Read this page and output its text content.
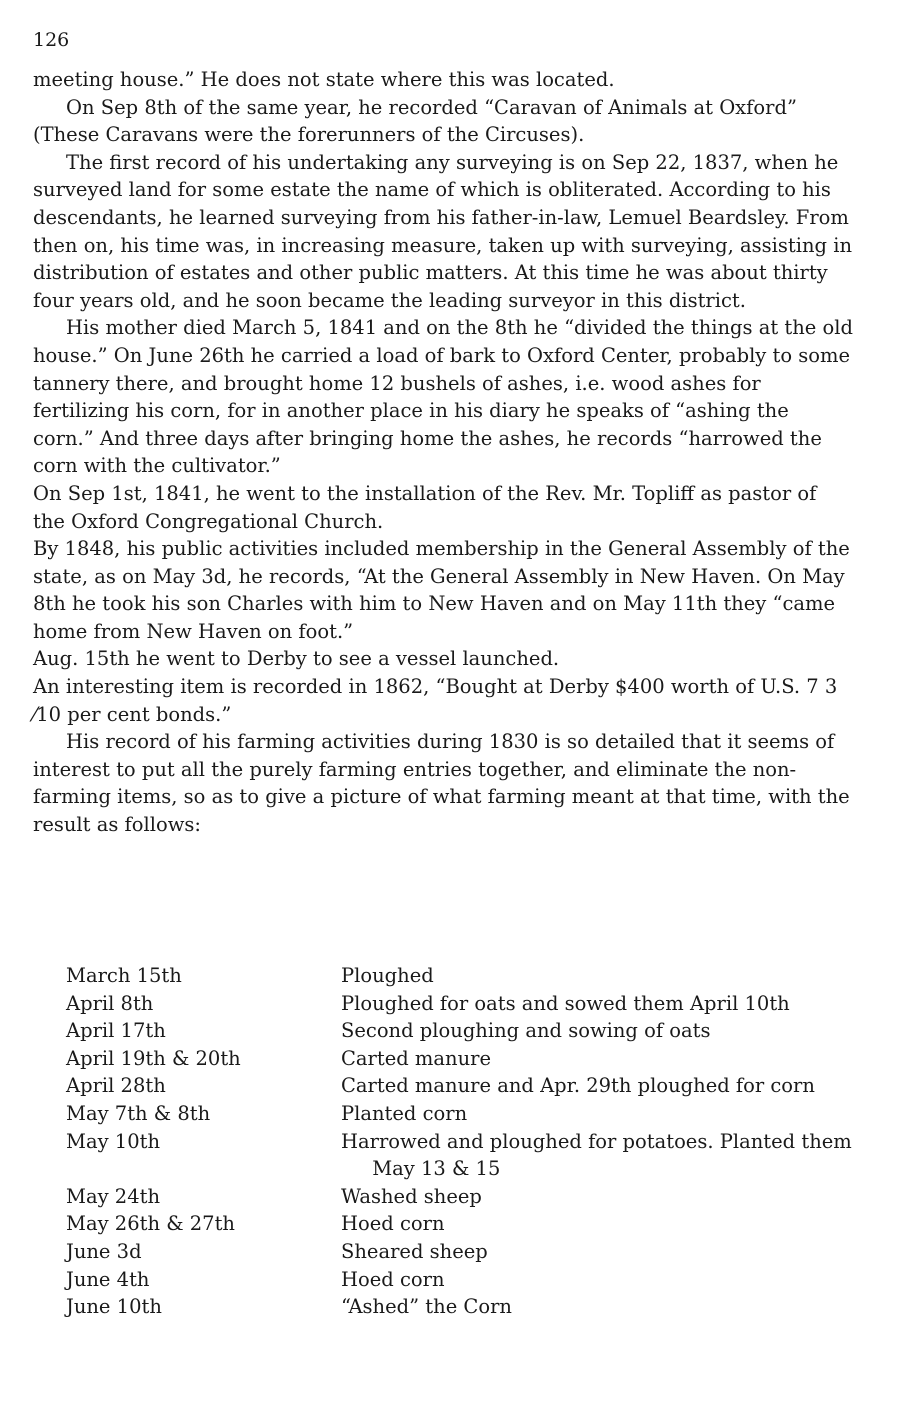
126

meeting house.” He does not state where this was located.

On Sep 8th of the same year, he recorded “Caravan of Animals at Oxford” (These Caravans were the forerunners of the Circuses).

The first record of his undertaking any surveying is on Sep 22, 1837, when he surveyed land for some estate the name of which is obliterated. According to his descendants, he learned surveying from his father-in-law, Lemuel Beardsley. From then on, his time was, in increasing measure, taken up with surveying, assisting in distribution of estates and other public matters. At this time he was about thirty four years old, and he soon became the leading surveyor in this district.

His mother died March 5, 1841 and on the 8th he “divided the things at the old house.” On June 26th he carried a load of bark to Oxford Center, probably to some tannery there, and brought home 12 bushels of ashes, i.e. wood ashes for fertilizing his corn, for in another place in his diary he speaks of “ashing the corn.” And three days after bringing home the ashes, he records “harrowed the corn with the cultivator.”

On Sep 1st, 1841, he went to the installation of the Rev. Mr. Topliff as pastor of the Oxford Congregational Church.

By 1848, his public activities included membership in the General Assembly of the state, as on May 3d, he records, “At the General Assembly in New Haven. On May 8th he took his son Charles with him to New Haven and on May 11th they “came home from New Haven on foot.”

Aug. 15th he went to Derby to see a vessel launched.

An interesting item is recorded in 1862, “Bought at Derby $400 worth of U.S. 7 3 ⁄10 per cent bonds.”

His record of his farming activities during 1830 is so detailed that it seems of interest to put all the purely farming entries together, and eliminate the non-farming items, so as to give a picture of what farming meant at that time, with the result as follows:

March 15th	Ploughed
April 8th	Ploughed for oats and sowed them April 10th
April 17th	Second ploughing and sowing of oats
April 19th & 20th	Carted manure
April 28th	Carted manure and Apr. 29th ploughed for corn
May 7th & 8th	Planted corn
May 10th	Harrowed and ploughed for potatoes. Planted them May 13 & 15
May 24th	Washed sheep
May 26th & 27th	Hoed corn
June 3d	Sheared sheep
June 4th	Hoed corn
June 10th	“Ashed” the Corn
